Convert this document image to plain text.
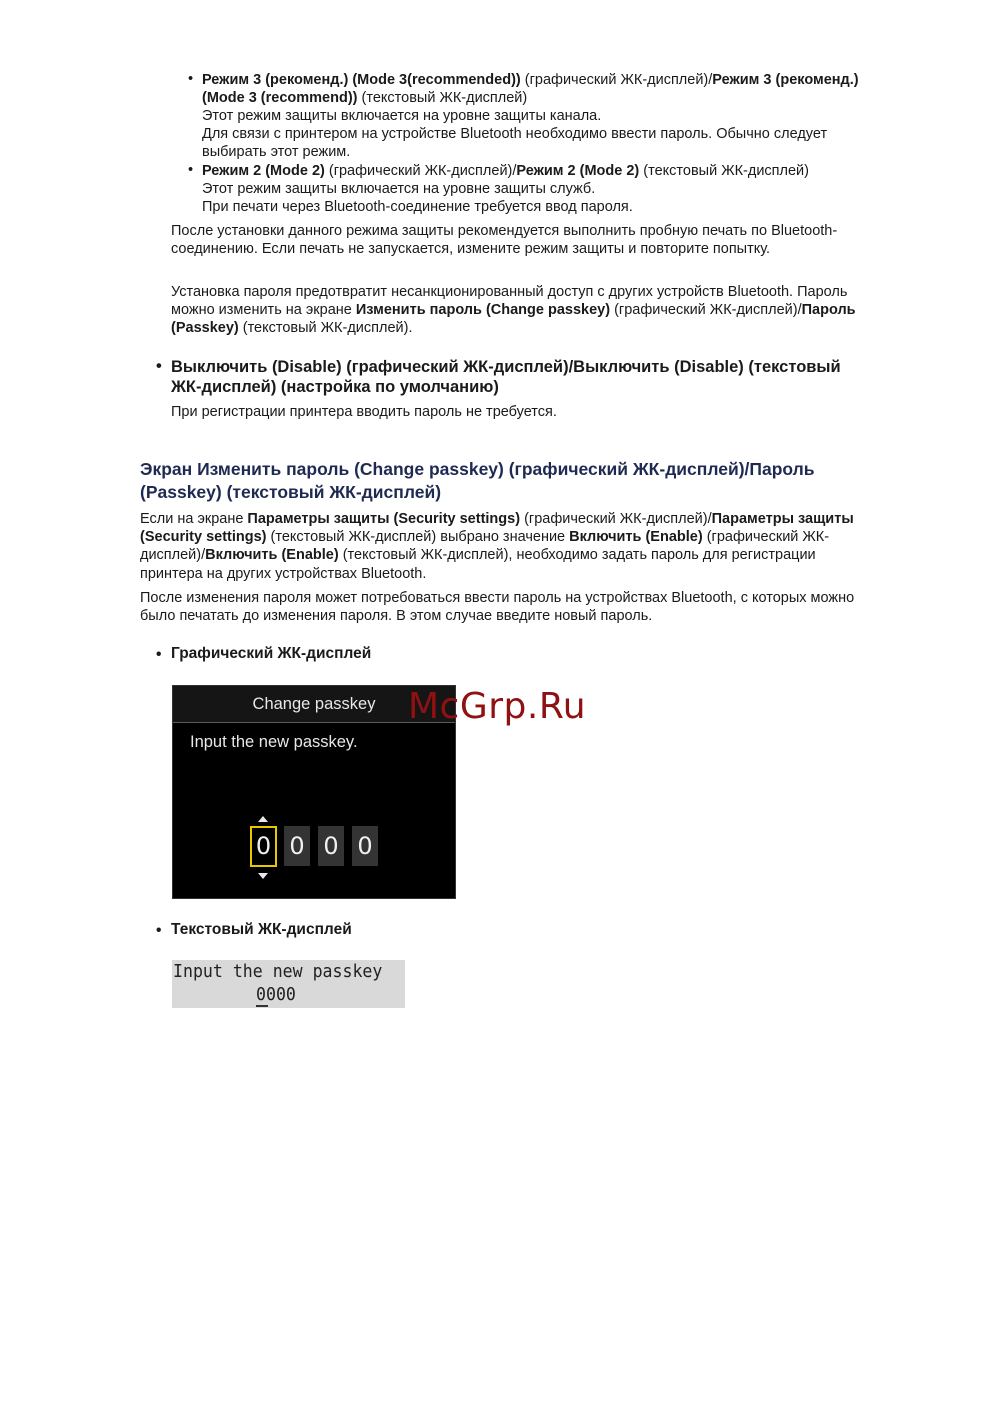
• Режим 3 (рекоменд.) (Mode 3(recommended)) (графический ЖК-дисплей)/Режим 3 (рекоменд.) (Mode 3 (recommend)) (текстовый ЖК-дисплей)

Этот режим защиты включается на уровне защиты канала.

Для связи с принтером на устройстве Bluetooth необходимо ввести пароль. Обычно следует выбирать этот режим.

• Режим 2 (Mode 2) (графический ЖК-дисплей)/Режим 2 (Mode 2) (текстовый ЖК-дисплей)

Этот режим защиты включается на уровне защиты служб.

При печати через Bluetooth-соединение требуется ввод пароля.

После установки данного режима защиты рекомендуется выполнить пробную печать по Bluetooth-соединению. Если печать не запускается, измените режим защиты и повторите попытку.

Установка пароля предотвратит несанкционированный доступ с других устройств Bluetooth. Пароль можно изменить на экране Изменить пароль (Change passkey) (графический ЖК-дисплей)/Пароль (Passkey) (текстовый ЖК-дисплей).

• Выключить (Disable) (графический ЖК-дисплей)/Выключить (Disable) (текстовый ЖК-дисплей) (настройка по умолчанию)

При регистрации принтера вводить пароль не требуется.

Экран Изменить пароль (Change passkey) (графический ЖК-дисплей)/Пароль (Passkey) (текстовый ЖК-дисплей)

Если на экране Параметры защиты (Security settings) (графический ЖК-дисплей)/Параметры защиты (Security settings) (текстовый ЖК-дисплей) выбрано значение Включить (Enable) (графический ЖК-дисплей)/Включить (Enable) (текстовый ЖК-дисплей), необходимо задать пароль для регистрации принтера на других устройствах Bluetooth.

После изменения пароля может потребоваться ввести пароль на устройствах Bluetooth, с которых можно было печатать до изменения пароля. В этом случае введите новый пароль.

• Графический ЖК-дисплей

Change passkey
Input the new passkey.
0 0 0 0
McGrp.Ru
• Текстовый ЖК-дисплей

Input the new passkey
0000
